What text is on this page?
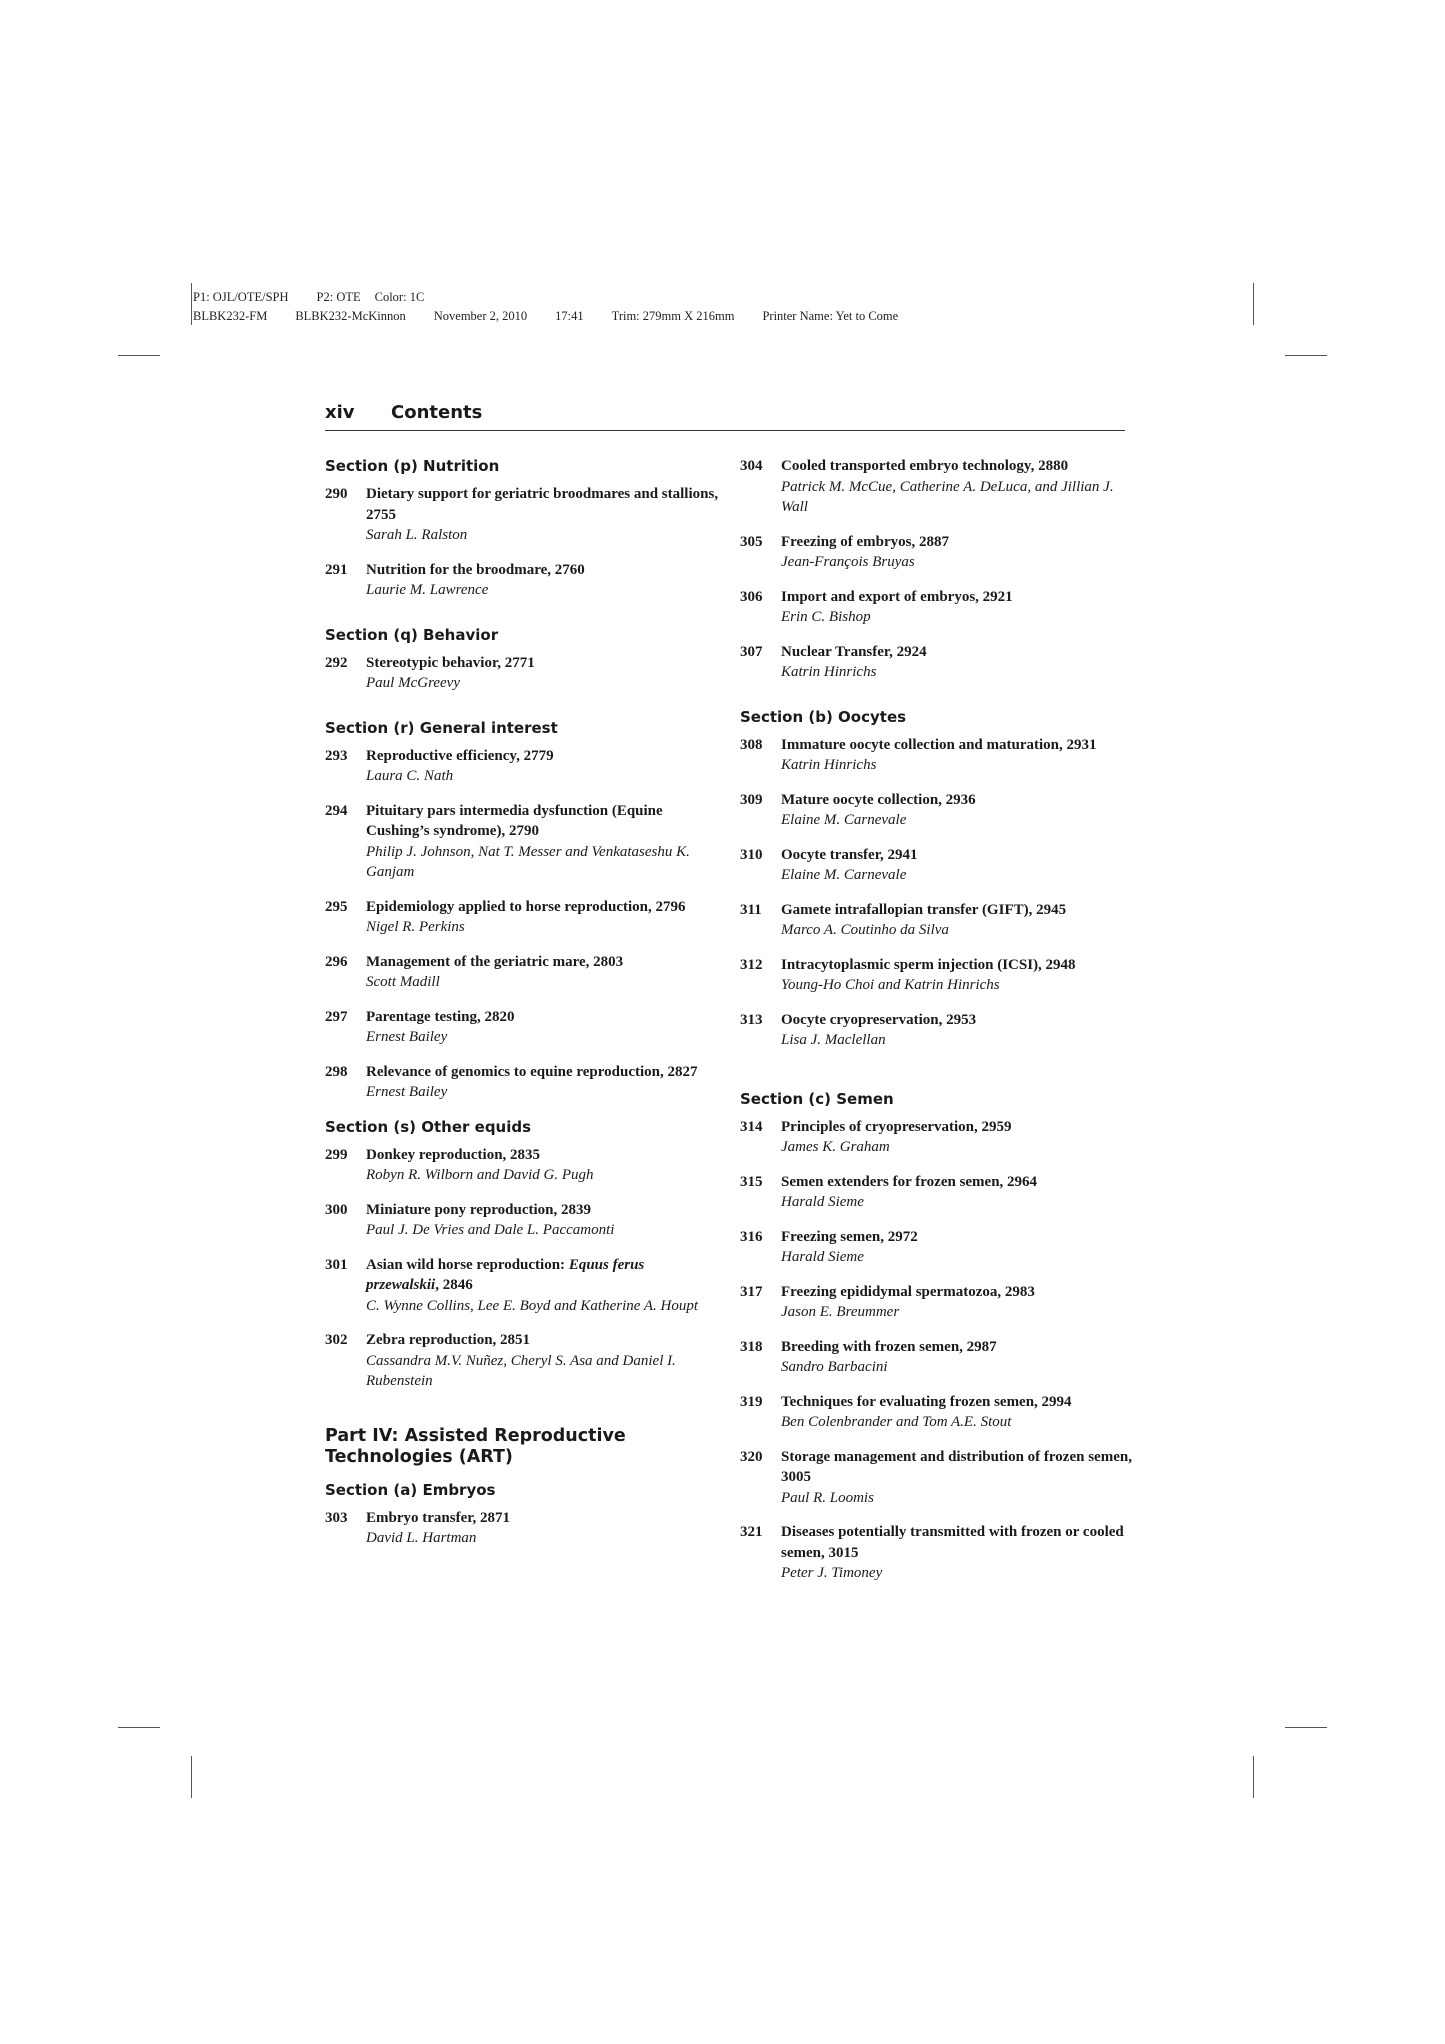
P1: OJL/OTE/SPH P2: OTE Color: 1C
BLBK232-FM BLBK232-McKinnon November 2, 2010 17:41 Trim: 279mm X 216mm Printer Name: Yet to Come
xiv Contents
Section (p) Nutrition
290 Dietary support for geriatric broodmares and stallions, 2755
Sarah L. Ralston
291 Nutrition for the broodmare, 2760
Laurie M. Lawrence
Section (q) Behavior
292 Stereotypic behavior, 2771
Paul McGreevy
Section (r) General interest
293 Reproductive efficiency, 2779
Laura C. Nath
294 Pituitary pars intermedia dysfunction (Equine Cushing’s syndrome), 2790
Philip J. Johnson, Nat T. Messer and Venkataseshu K. Ganjam
295 Epidemiology applied to horse reproduction, 2796
Nigel R. Perkins
296 Management of the geriatric mare, 2803
Scott Madill
297 Parentage testing, 2820
Ernest Bailey
298 Relevance of genomics to equine reproduction, 2827
Ernest Bailey
Section (s) Other equids
299 Donkey reproduction, 2835
Robyn R. Wilborn and David G. Pugh
300 Miniature pony reproduction, 2839
Paul J. De Vries and Dale L. Paccamonti
301 Asian wild horse reproduction: Equus ferus przewalskii, 2846
C. Wynne Collins, Lee E. Boyd and Katherine A. Houpt
302 Zebra reproduction, 2851
Cassandra M.V. Nuñez, Cheryl S. Asa and Daniel I. Rubenstein
Part IV: Assisted Reproductive Technologies (ART)
Section (a) Embryos
303 Embryo transfer, 2871
David L. Hartman
304 Cooled transported embryo technology, 2880
Patrick M. McCue, Catherine A. DeLuca, and Jillian J. Wall
305 Freezing of embryos, 2887
Jean-François Bruyas
306 Import and export of embryos, 2921
Erin C. Bishop
307 Nuclear Transfer, 2924
Katrin Hinrichs
Section (b) Oocytes
308 Immature oocyte collection and maturation, 2931
Katrin Hinrichs
309 Mature oocyte collection, 2936
Elaine M. Carnevale
310 Oocyte transfer, 2941
Elaine M. Carnevale
311 Gamete intrafallopian transfer (GIFT), 2945
Marco A. Coutinho da Silva
312 Intracytoplasmic sperm injection (ICSI), 2948
Young-Ho Choi and Katrin Hinrichs
313 Oocyte cryopreservation, 2953
Lisa J. Maclellan
Section (c) Semen
314 Principles of cryopreservation, 2959
James K. Graham
315 Semen extenders for frozen semen, 2964
Harald Sieme
316 Freezing semen, 2972
Harald Sieme
317 Freezing epididymal spermatozoa, 2983
Jason E. Breummer
318 Breeding with frozen semen, 2987
Sandro Barbacini
319 Techniques for evaluating frozen semen, 2994
Ben Colenbrander and Tom A.E. Stout
320 Storage management and distribution of frozen semen, 3005
Paul R. Loomis
321 Diseases potentially transmitted with frozen or cooled semen, 3015
Peter J. Timoney
